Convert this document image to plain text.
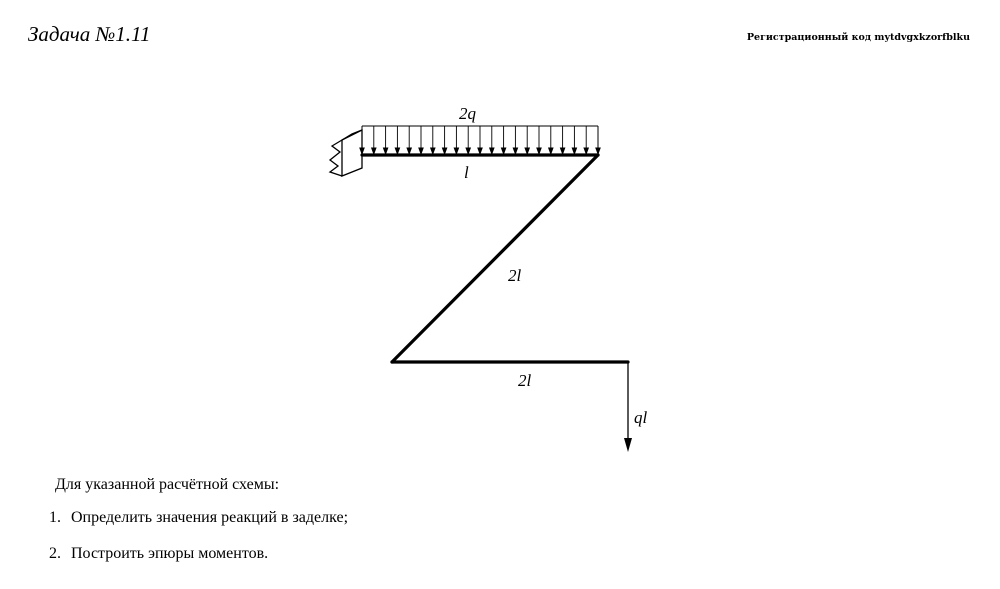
Задача №1.11	Регистрационный код mytdvgxkzorfblku
2q
l
2l
2l
ql
Для указанной расчётной схемы:
1. Определить значения реакций в заделке;
2. Построить эпюры моментов.
